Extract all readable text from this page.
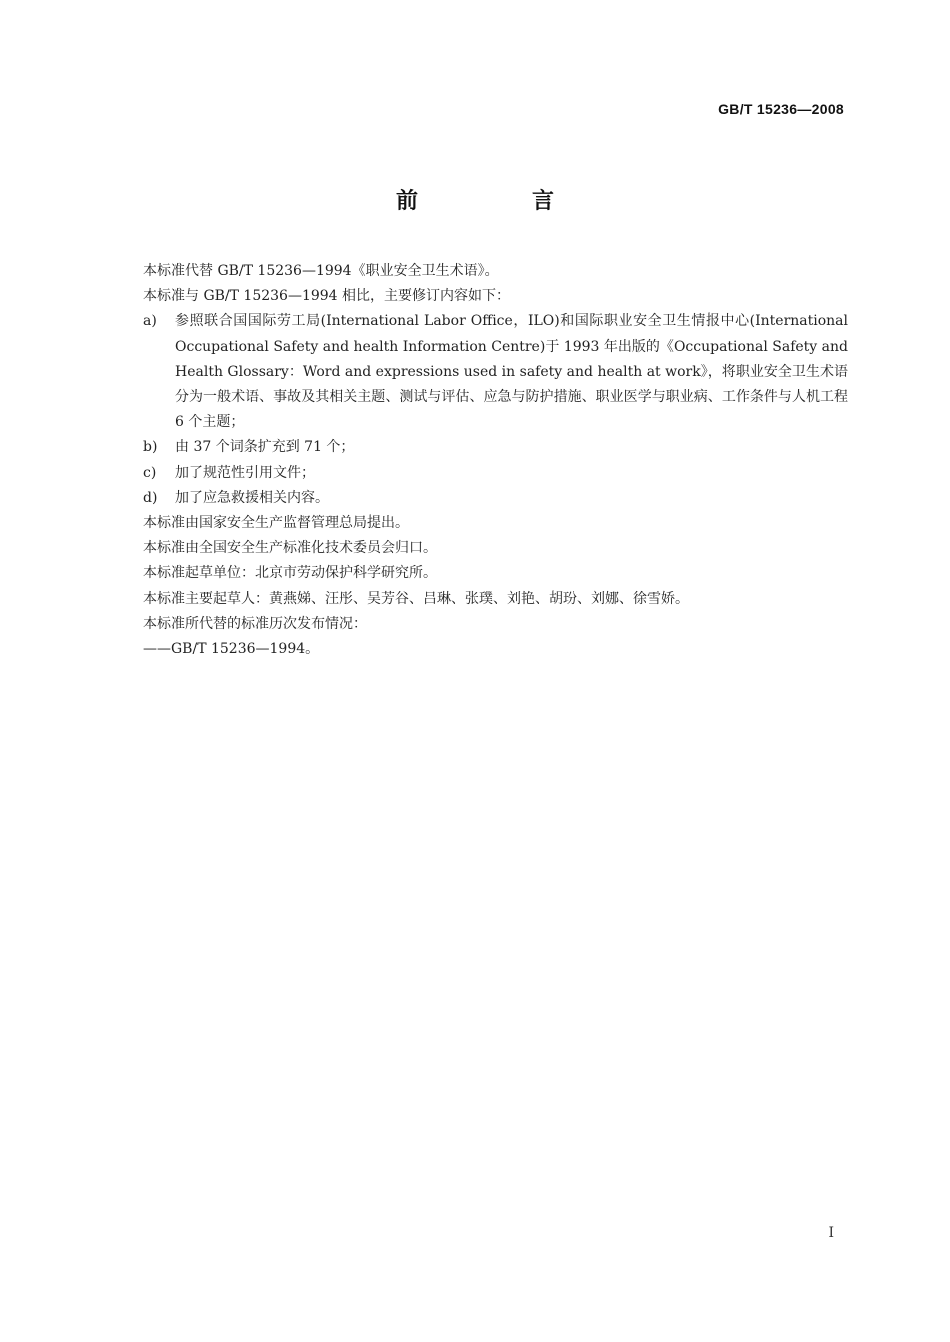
GB/T 15236—2008
前　言
本标准代替 GB/T 15236—1994《职业安全卫生术语》。
本标准与 GB/T 15236—1994 相比，主要修订内容如下：
a)	参照联合国国际劳工局(International Labor Office，ILO)和国际职业安全卫生情报中心(International Occupational Safety and health Information Centre)于 1993 年出版的《Occupational Safety and Health Glossary：Word and expressions used in safety and health at work》，将职业安全卫生术语分为一般术语、事故及其相关主题、测试与评估、应急与防护措施、职业医学与职业病、工作条件与人机工程 6 个主题；
b)	由 37 个词条扩充到 71 个；
c)	加了规范性引用文件；
d)	加了应急救援相关内容。
本标准由国家安全生产监督管理总局提出。
本标准由全国安全生产标准化技术委员会归口。
本标准起草单位：北京市劳动保护科学研究所。
本标准主要起草人：黄燕娣、汪彤、吴芳谷、吕琳、张璞、刘艳、胡玢、刘娜、徐雪娇。
本标准所代替的标准历次发布情况：
——GB/T 15236—1994。
I
